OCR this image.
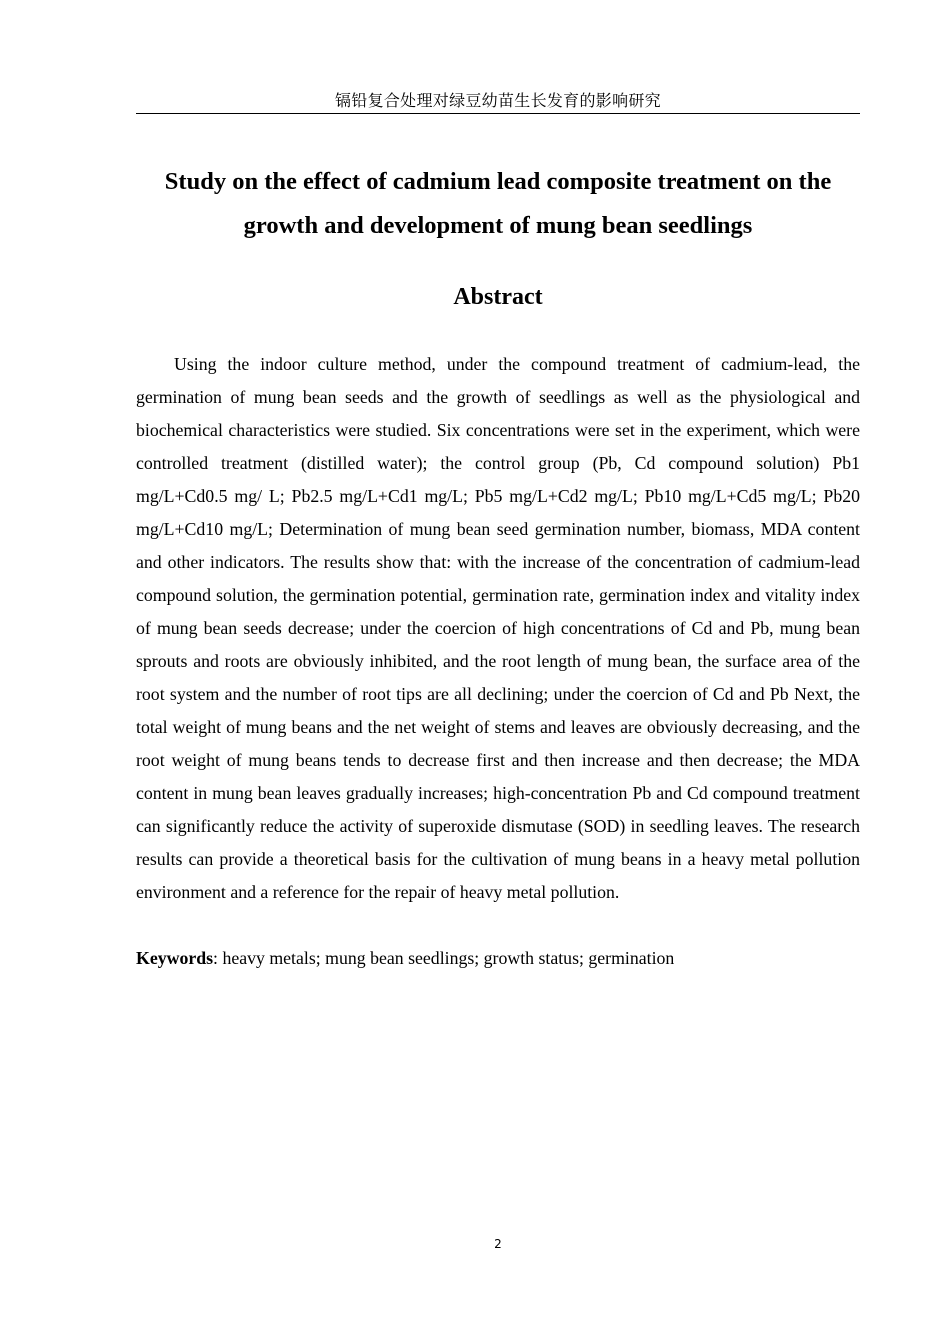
镉铅复合处理对绿豆幼苗生长发育的影响研究
Study on the effect of cadmium lead composite treatment on the growth and development of mung bean seedlings
Abstract

Using the indoor culture method, under the compound treatment of cadmium-lead, the germination of mung bean seeds and the growth of seedlings as well as the physiological and biochemical characteristics were studied. Six concentrations were set in the experiment, which were controlled treatment (distilled water); the control group (Pb, Cd compound solution) Pb1 mg/L+Cd0.5 mg/ L; Pb2.5 mg/L+Cd1 mg/L; Pb5 mg/L+Cd2 mg/L; Pb10 mg/L+Cd5 mg/L; Pb20 mg/L+Cd10 mg/L; Determination of mung bean seed germination number, biomass, MDA content and other indicators. The results show that: with the increase of the concentration of cadmium-lead compound solution, the germination potential, germination rate, germination index and vitality index of mung bean seeds decrease; under the coercion of high concentrations of Cd and Pb, mung bean sprouts and roots are obviously inhibited, and the root length of mung bean, the surface area of the root system and the number of root tips are all declining; under the coercion of Cd and Pb Next, the total weight of mung beans and the net weight of stems and leaves are obviously decreasing, and the root weight of mung beans tends to decrease first and then increase and then decrease; the MDA content in mung bean leaves gradually increases; high-concentration Pb and Cd compound treatment can significantly reduce the activity of superoxide dismutase (SOD) in seedling leaves. The research results can provide a theoretical basis for the cultivation of mung beans in a heavy metal pollution environment and a reference for the repair of heavy metal pollution.

Keywords: heavy metals; mung bean seedlings; growth status; germination

2
